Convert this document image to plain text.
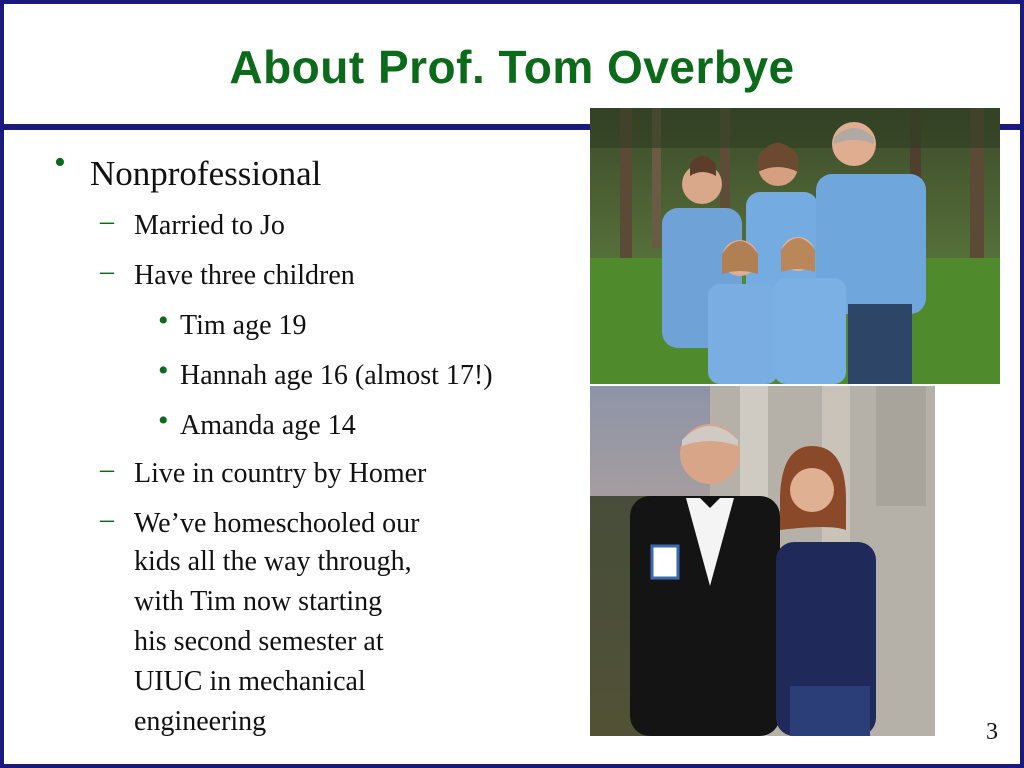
About Prof. Tom Overbye
• Nonprofessional
– Married to Jo
– Have three children
• Tim age 19
• Hannah age 16 (almost 17!)
• Amanda age 14
– Live in country by Homer
– We’ve homeschooled our
kids all the way through,
with Tim now starting
his second semester at
UIUC in mechanical
engineering	3
